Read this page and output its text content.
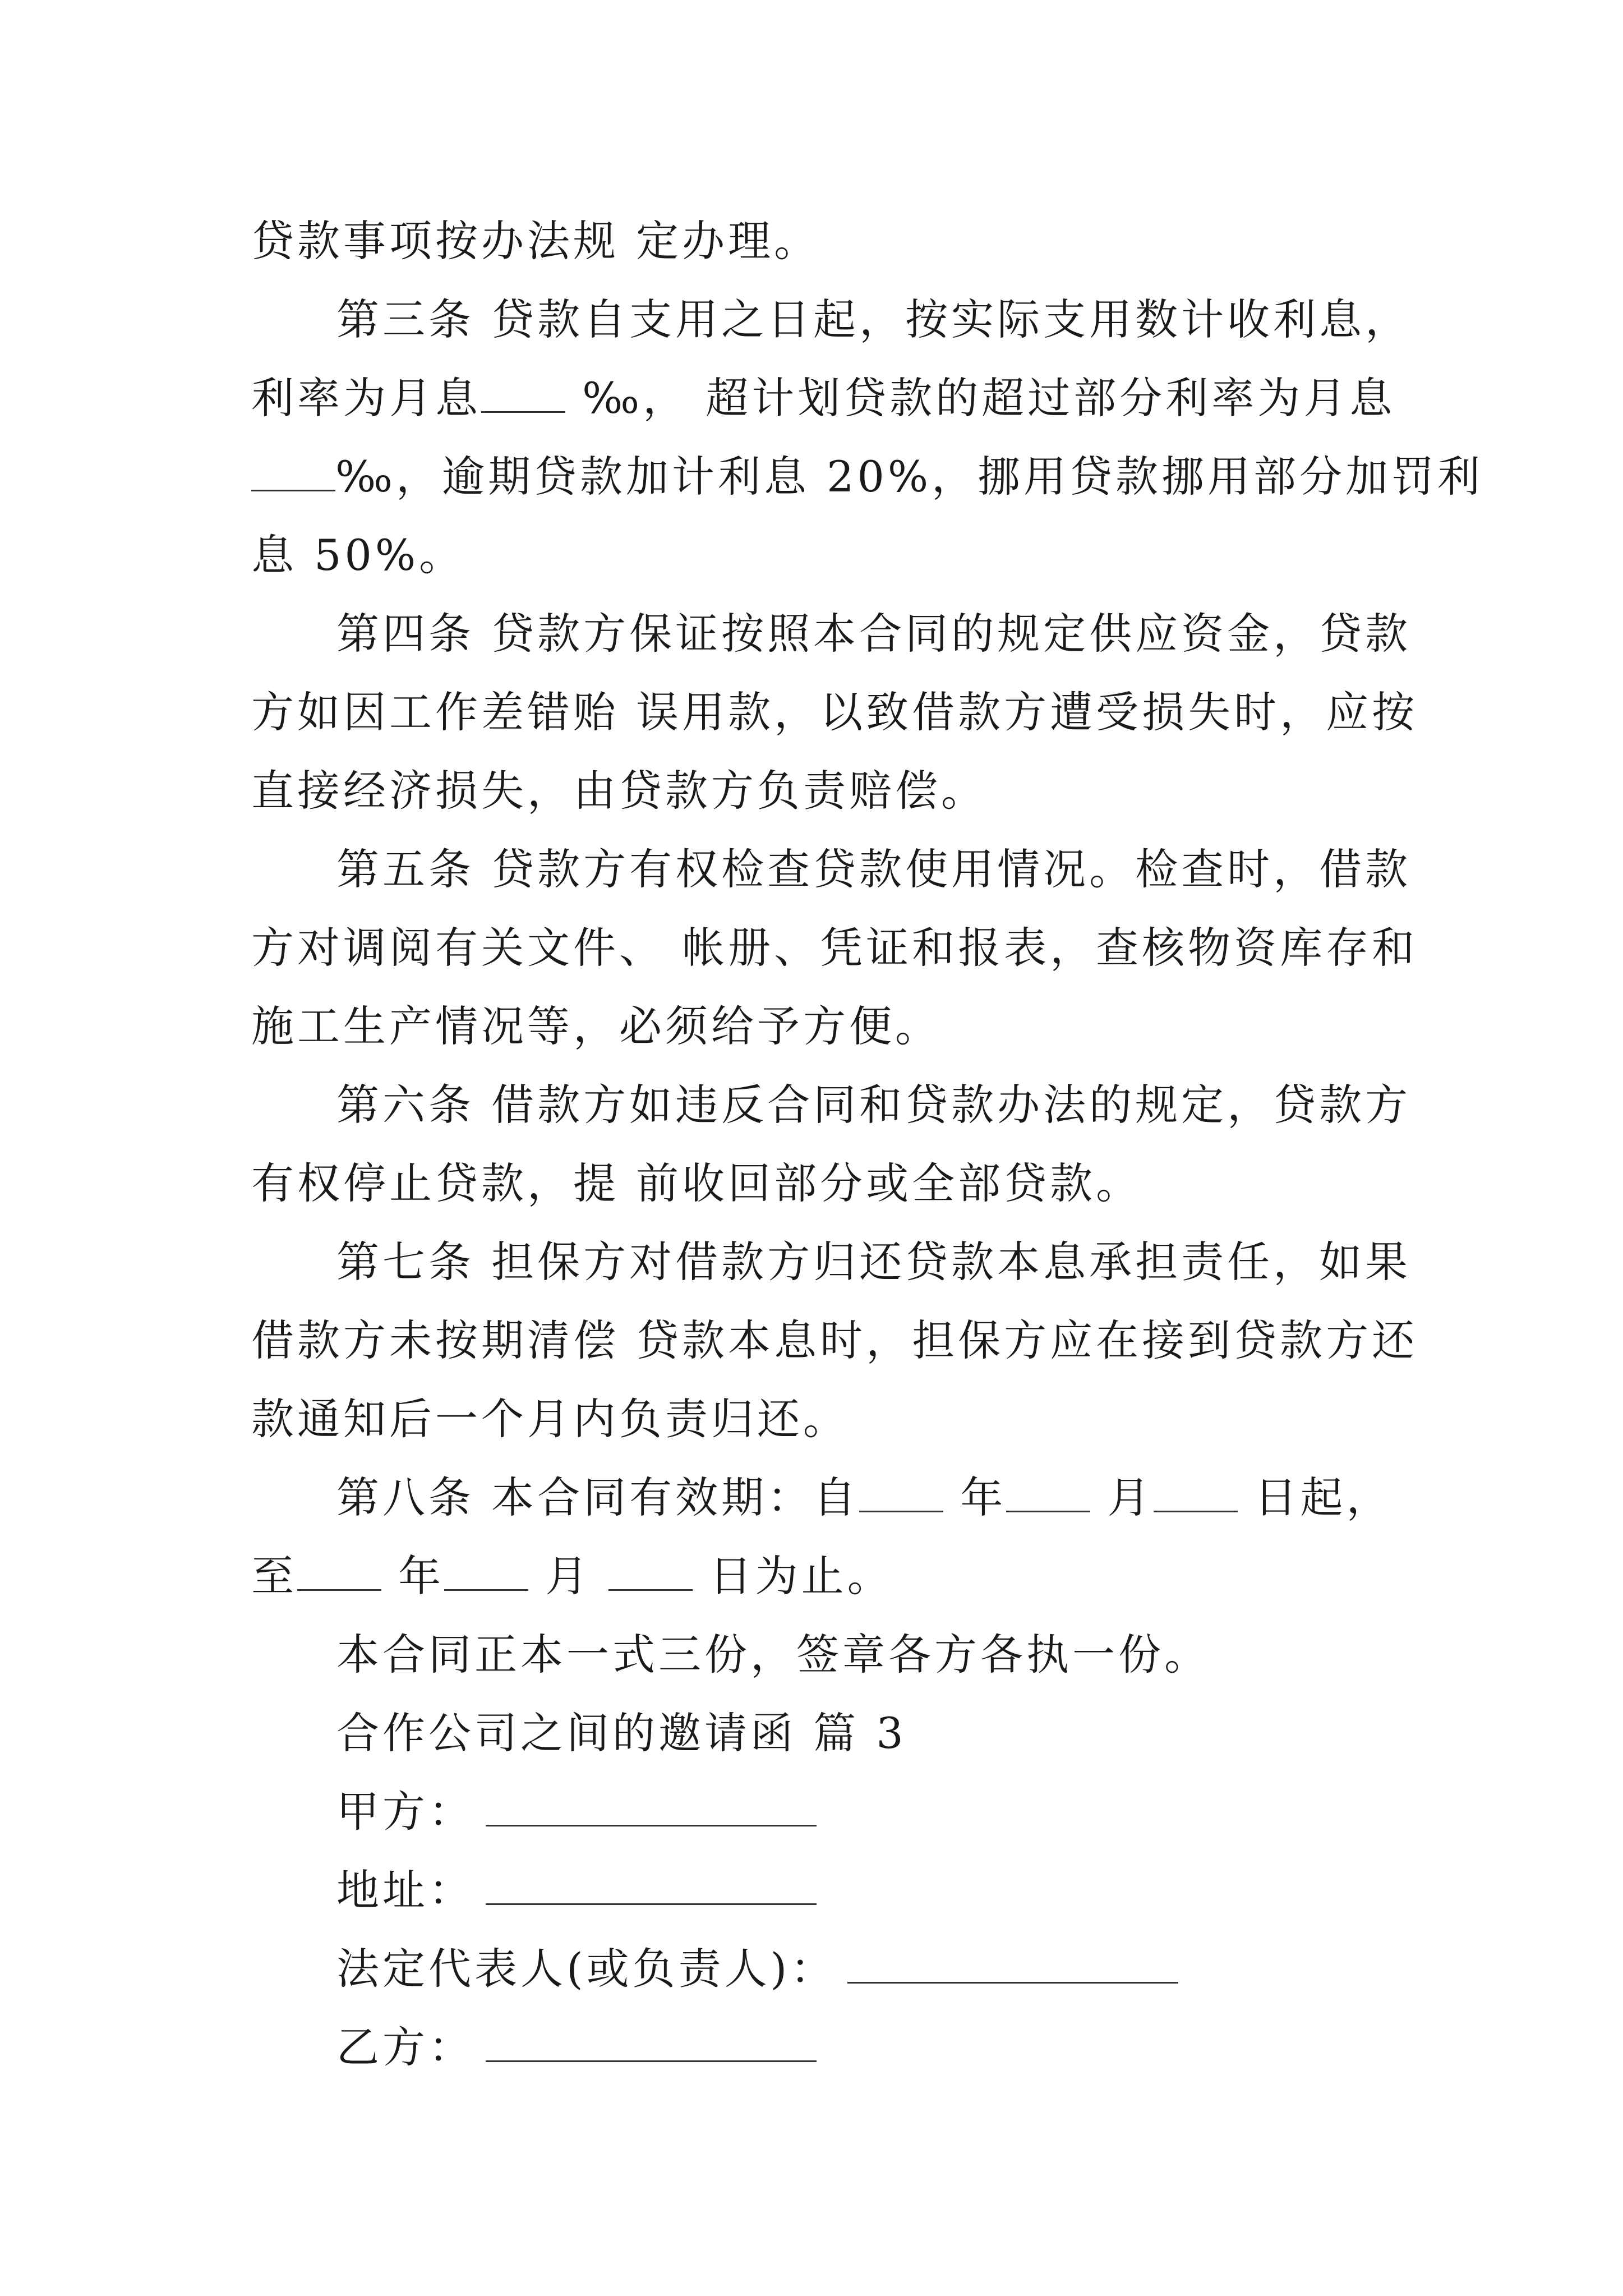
贷款事项按办法规 定办理。
第三条 贷款自支用之日起，按实际支用数计收利息，
利率为月息 ‰， 超计划贷款的超过部分利率为月息
‰，逾期贷款加计利息 20%，挪用贷款挪用部分加罚利
息 50%。
第四条 贷款方保证按照本合同的规定供应资金，贷款
方如因工作差错贻 误用款，以致借款方遭受损失时，应按
直接经济损失，由贷款方负责赔偿。
第五条 贷款方有权检查贷款使用情况。检查时，借款
方对调阅有关文件、 帐册、凭证和报表，查核物资库存和
施工生产情况等，必须给予方便。
第六条 借款方如违反合同和贷款办法的规定，贷款方
有权停止贷款，提 前收回部分或全部贷款。
第七条 担保方对借款方归还贷款本息承担责任，如果
借款方未按期清偿 贷款本息时，担保方应在接到贷款方还
款通知后一个月内负责归还。
第八条 本合同有效期：自 年 月 日起，
至 年 月  日为止。
本合同正本一式三份，签章各方各执一份。
合作公司之间的邀请函 篇 3
甲方：
地址：
法定代表人(或负责人)：
乙方：
